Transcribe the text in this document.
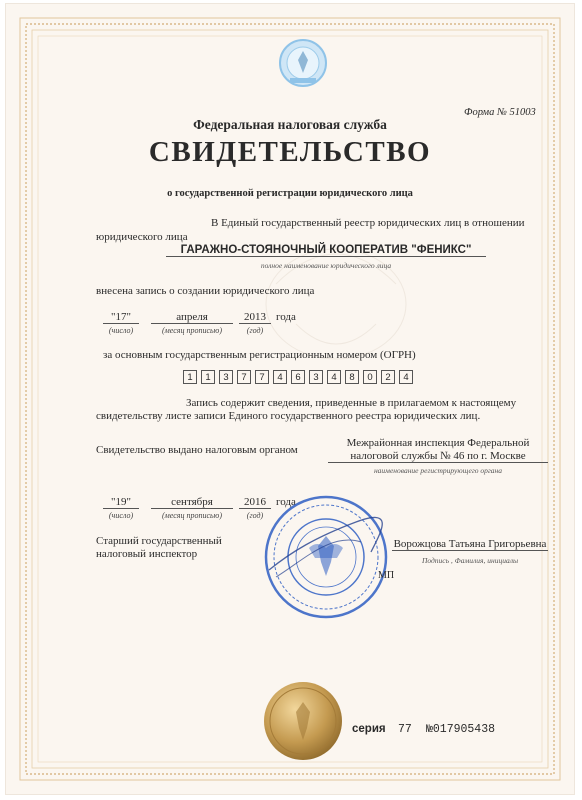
Форма № 51003
Федеральная налоговая служба
СВИДЕТЕЛЬСТВО
о государственной регистрации юридического лица
В Единый государственный реестр юридических лиц в отношении
юридического лица
ГАРАЖНО-СТОЯНОЧНЫЙ КООПЕРАТИВ "ФЕНИКС"
полное наименование юридического лица
внесена запись о создании юридического лица
"17"	апреля	2013 года
(число)	(месяц прописью)	(год)
за основным государственным регистрационным номером (ОГРН)
1	1	3	7	7	4	6	3	4	8	0	2	4
Запись содержит сведения, приведенные в прилагаемом к настоящему
свидетельству листе записи Единого государственного реестра юридических лиц.
Свидетельство выдано налоговым органом
Межрайонная инспекция Федеральной
налоговой службы № 46 по г. Москве
наименование регистрирующего органа
"19"	сентября	2016 года
(число)	(месяц прописью)	(год)
Старший государственный
налоговый инспектор
Ворожцова Татьяна Григорьевна
Подпись , Фамилия, инициалы
МП
серия 77 №017905438
